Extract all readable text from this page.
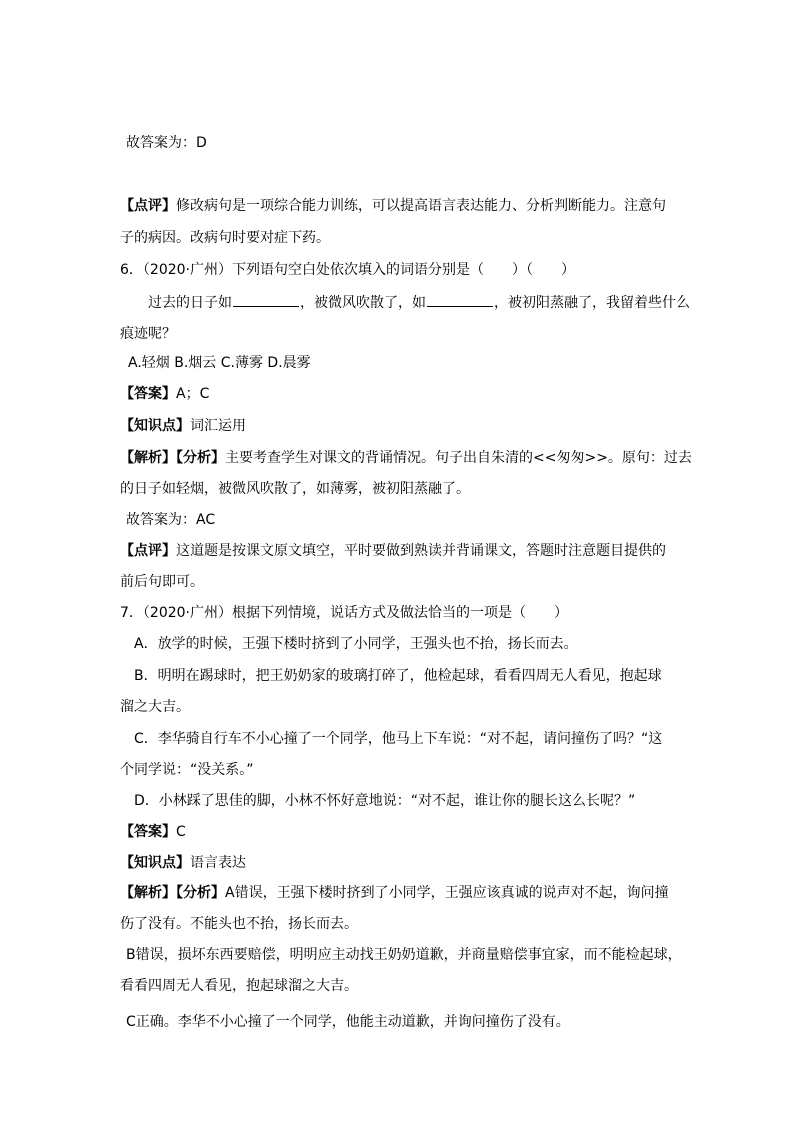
故答案为：D
【点评】修改病句是一项综合能力训练，可以提高语言表达能力、分析判断能力。注意句
子的病因。改病句时要对症下药。
6．（2020·广州）下列语句空白处依次填入的词语分别是（　　）（　　）
过去的日子如	，被微风吹散了，如	，被初阳蒸融了，我留着些什么
痕迹呢？
A.轻烟 B.烟云 C.薄雾 D.晨雾
【答案】A；C
【知识点】词汇运用
【解析】【分析】主要考查学生对课文的背诵情况。句子出自朱清的<<匆匆>>。原句：过去
的日子如轻烟，被微风吹散了，如薄雾，被初阳蒸融了。
故答案为：AC
【点评】这道题是按课文原文填空，平时要做到熟读并背诵课文，答题时注意题目提供的
前后句即可。
7．（2020·广州）根据下列情境，说话方式及做法恰当的一项是（　　）
A．放学的时候，王强下楼时挤到了小同学，王强头也不抬，扬长而去。
B．明明在踢球时，把王奶奶家的玻璃打碎了，他检起球，看看四周无人看见，抱起球
溜之大吉。
C．李华骑自行车不小心撞了一个同学，他马上下车说：“对不起，请问撞伤了吗？“这
个同学说：“没关系。”
D．小林踩了思佳的脚，小林不怀好意地说：“对不起，谁让你的腿长这么长呢？”
【答案】C
【知识点】语言表达
【解析】【分析】A错误，王强下楼时挤到了小同学，王强应该真诚的说声对不起，询问撞
伤了没有。不能头也不抬，扬长而去。
B错误，损坏东西要赔偿，明明应主动找王奶奶道歉，并商量赔偿事宜家，而不能检起球，
看看四周无人看见，抱起球溜之大吉。
C正确。李华不小心撞了一个同学，他能主动道歉，并询问撞伤了没有。
